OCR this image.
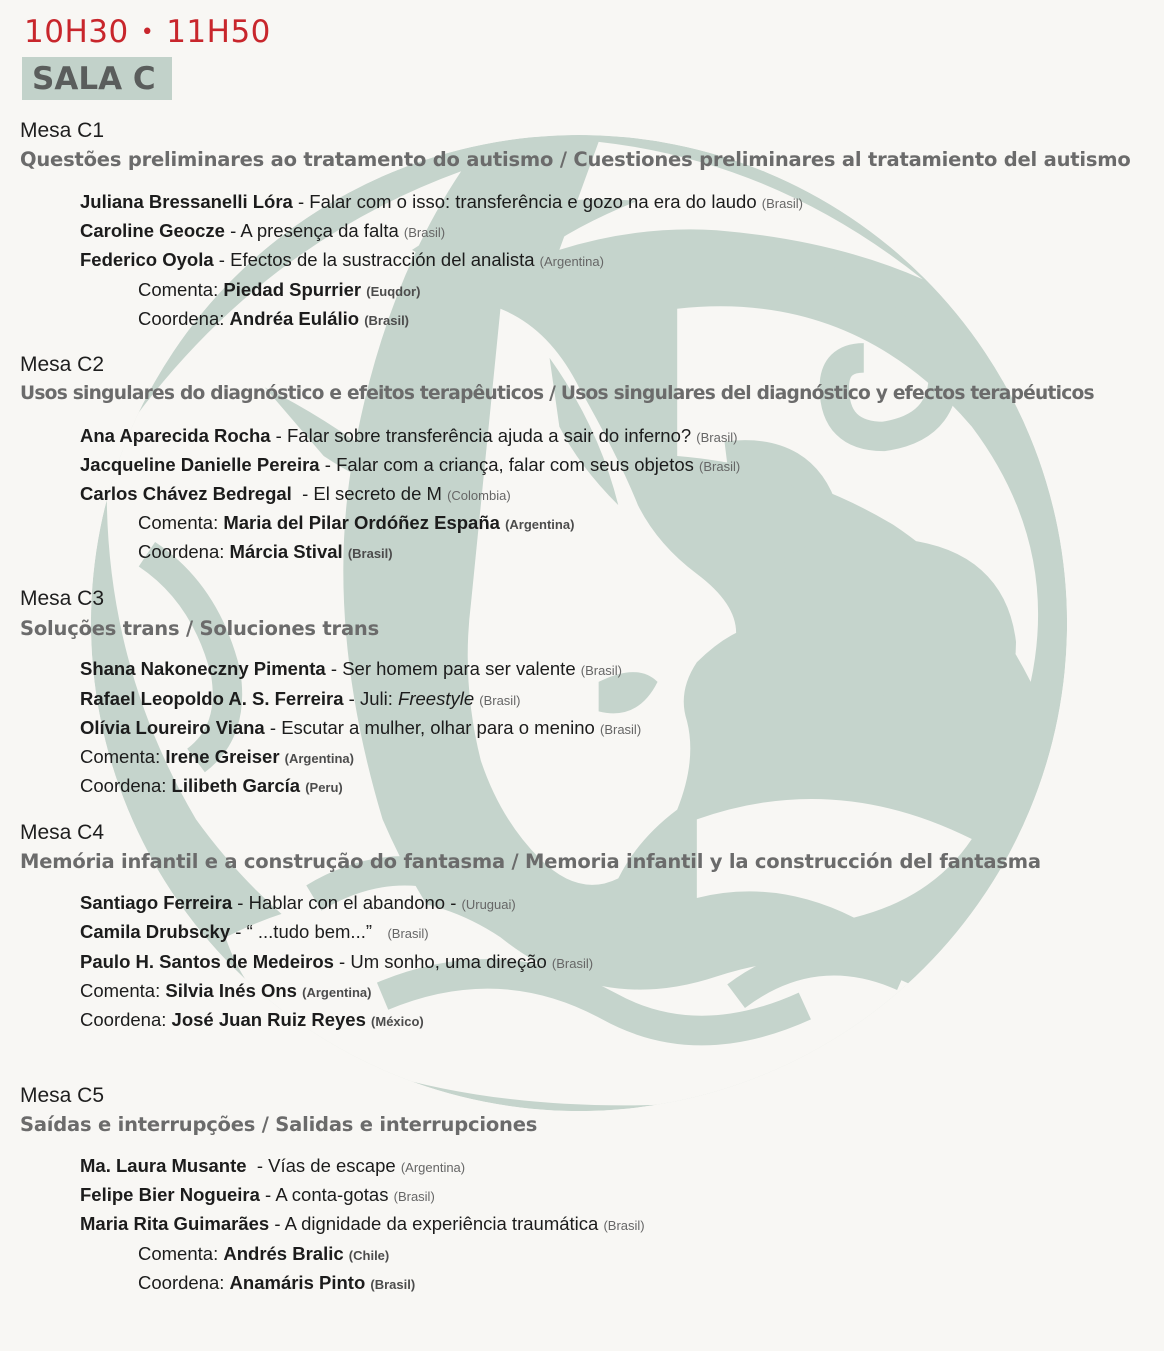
10H30 • 11H50
SALA C
Mesa C1
Questões preliminares ao tratamento do autismo / Cuestiones preliminares al tratamiento del autismo
Juliana Bressanelli Lóra - Falar com o isso: transferência e gozo na era do laudo (Brasil)
Caroline Geocze - A presença da falta (Brasil)
Federico Oyola - Efectos de la sustracción del analista (Argentina)
Comenta: Piedad Spurrier (Euqdor)
Coordena: Andréa Eulálio (Brasil)
Mesa C2
Usos singulares do diagnóstico e efeitos terapêuticos / Usos singulares del diagnóstico y efectos terapéuticos
Ana Aparecida Rocha - Falar sobre transferência ajuda a sair do inferno? (Brasil)
Jacqueline Danielle Pereira - Falar com a criança, falar com seus objetos (Brasil)
Carlos Chávez Bedregal  - El secreto de M (Colombia)
Comenta: Maria del Pilar Ordóñez España (Argentina)
Coordena: Márcia Stival (Brasil)
Mesa C3
Soluções trans / Soluciones trans
Shana Nakoneczny Pimenta - Ser homem para ser valente (Brasil)
Rafael Leopoldo A. S. Ferreira - Juli: Freestyle (Brasil)
Olívia Loureiro Viana - Escutar a mulher, olhar para o menino (Brasil)
Comenta: Irene Greiser (Argentina)
Coordena: Lilibeth García (Peru)
Mesa C4
Memória infantil e a construção do fantasma / Memoria infantil y la construcción del fantasma
Santiago Ferreira - Hablar con el abandono - (Uruguai)
Camila Drubscky - “ ...tudo bem...” (Brasil)
Paulo H. Santos de Medeiros - Um sonho, uma direção (Brasil)
Comenta: Silvia Inés Ons (Argentina)
Coordena: José Juan Ruiz Reyes (México)
Mesa C5
Saídas e interrupções / Salidas e interrupciones
Ma. Laura Musante  - Vías de escape (Argentina)
Felipe Bier Nogueira - A conta-gotas (Brasil)
Maria Rita Guimarães - A dignidade da experiência traumática (Brasil)
Comenta: Andrés Bralic (Chile)
Coordena: Anamáris Pinto (Brasil)
